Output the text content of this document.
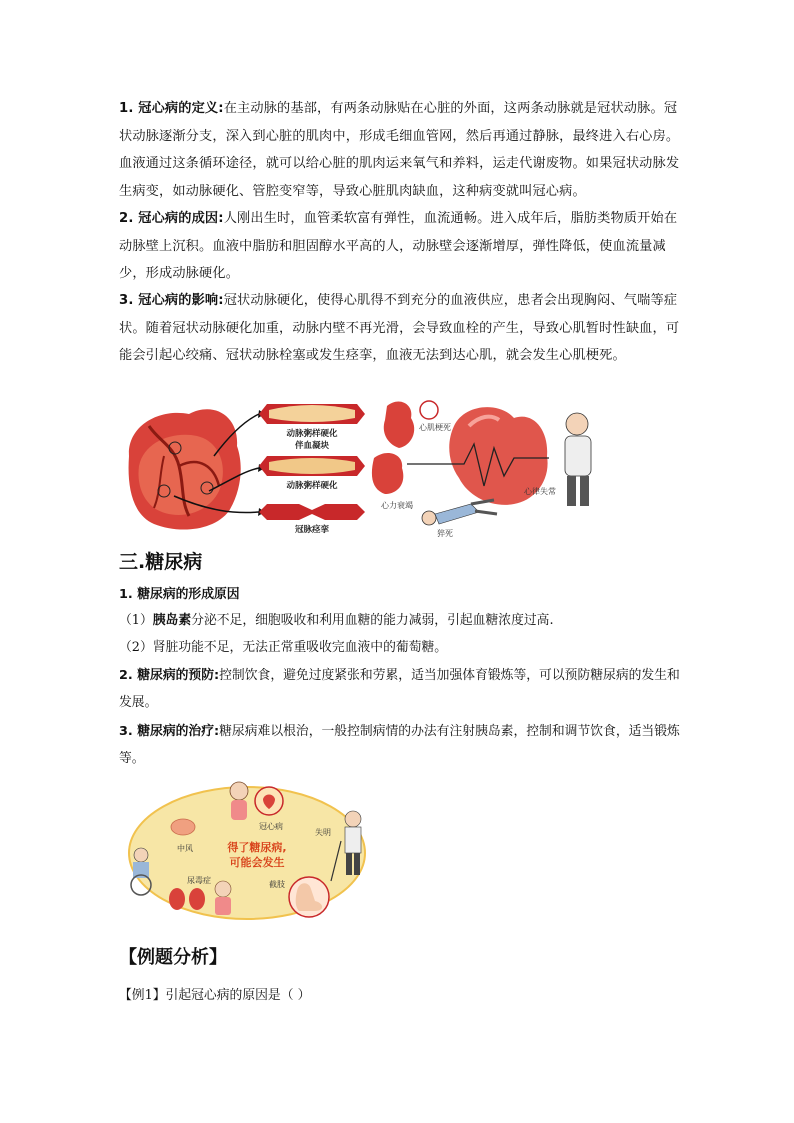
1. 冠心病的定义:在主动脉的基部，有两条动脉贴在心脏的外面，这两条动脉就是冠状动脉。冠状动脉逐渐分支，深入到心脏的肌肉中，形成毛细血管网，然后再通过静脉，最终进入右心房。血液通过这条循环途径，就可以给心脏的肌肉运来氧气和养料，运走代谢废物。如果冠状动脉发生病变，如动脉硬化、管腔变窄等，导致心脏肌肉缺血，这种病变就叫冠心病。

2. 冠心病的成因:人刚出生时，血管柔软富有弹性，血流通畅。进入成年后，脂肪类物质开始在动脉壁上沉积。血液中脂肪和胆固醇水平高的人，动脉壁会逐渐增厚，弹性降低，使血流量减少，形成动脉硬化。

3. 冠心病的影响:冠状动脉硬化，使得心肌得不到充分的血液供应，患者会出现胸闷、气喘等症状。随着冠状动脉硬化加重，动脉内壁不再光滑，会导致血栓的产生，导致心肌暂时性缺血，可能会引起心绞痛、冠状动脉栓塞或发生痉挛，血液无法到达心肌，就会发生心肌梗死。

动脉粥样硬化
伴血凝块
动脉粥样硬化
冠脉痉挛
心肌梗死
心力衰竭
心律失常
猝死
三.糖尿病

1. 糖尿病的形成原因

（1）胰岛素分泌不足，细胞吸收和利用血糖的能力减弱，引起血糖浓度过高.

（2）肾脏功能不足，无法正常重吸收完血液中的葡萄糖。

2. 糖尿病的预防:控制饮食，避免过度紧张和劳累，适当加强体育锻炼等，可以预防糖尿病的发生和发展。

3. 糖尿病的治疗:糖尿病难以根治，一般控制病情的办法有注射胰岛素，控制和调节饮食，适当锻炼等。

得了糖尿病,
可能会发生
冠心病
中风
失明
尿毒症	截肢
【例题分析】

【例1】引起冠心病的原因是（ ）
